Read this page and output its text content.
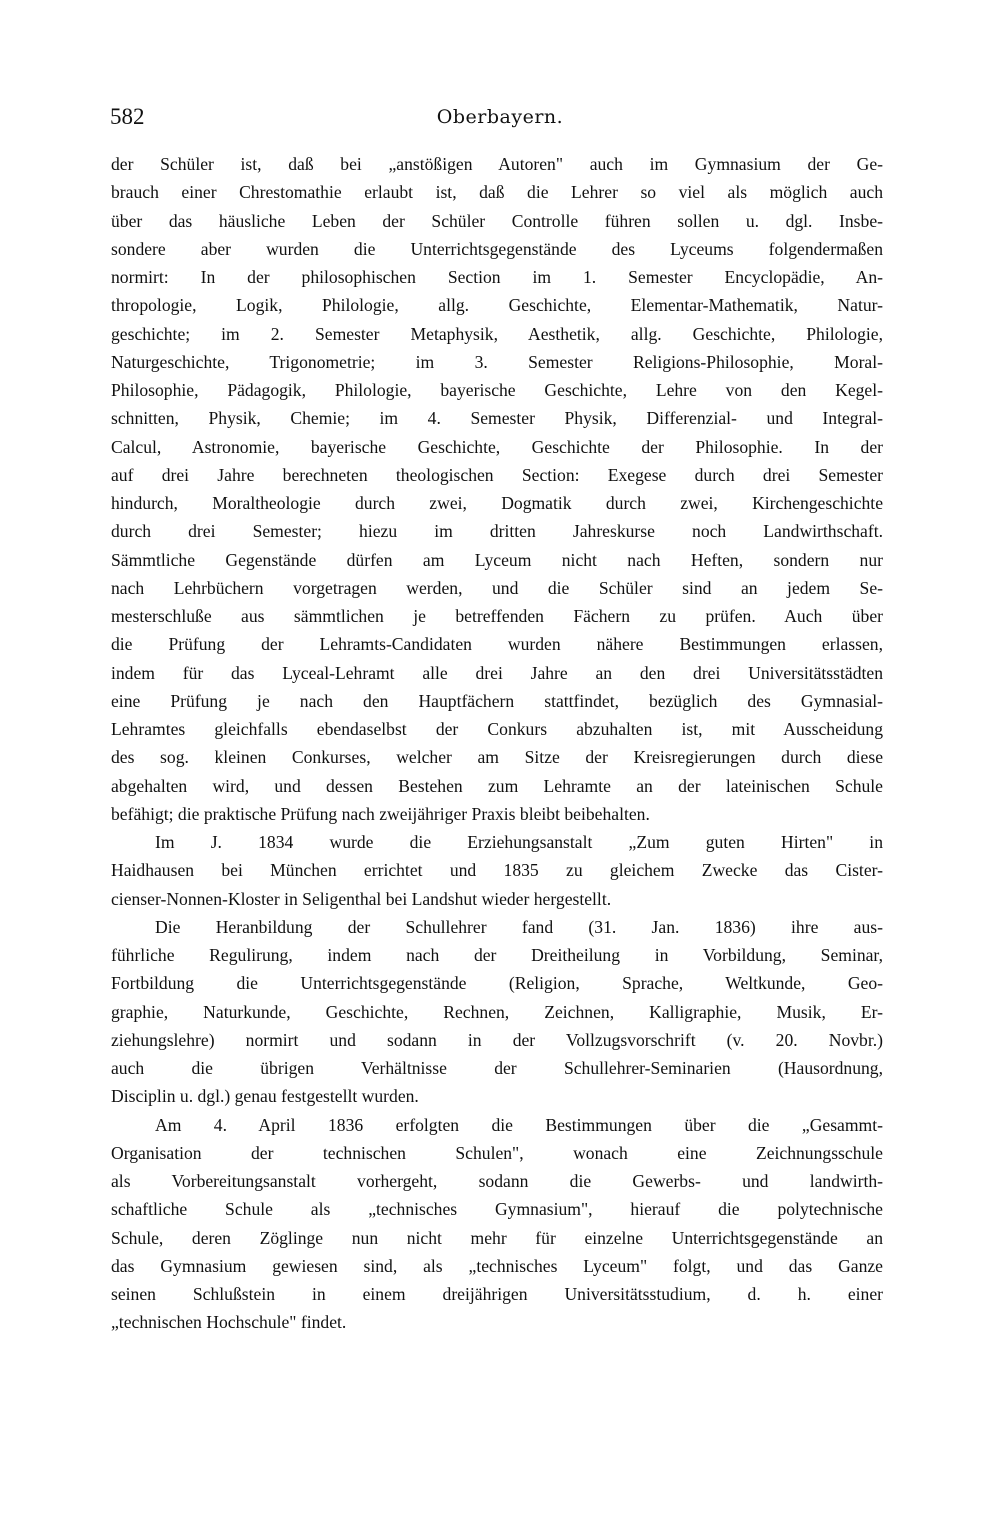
582	Oberbayern.
der Schüler ist, daß bei „anstößigen Autoren" auch im Gymnasium der Ge-
brauch einer Chrestomathie erlaubt ist, daß die Lehrer so viel als möglich auch
über das häusliche Leben der Schüler Controlle führen sollen u. dgl. Insbe-
sondere aber wurden die Unterrichtsgegenstände des Lyceums folgendermaßen
normirt: In der philosophischen Section im 1. Semester Encyclopädie, An-
thropologie, Logik, Philologie, allg. Geschichte, Elementar-Mathematik, Natur-
geschichte; im 2. Semester Metaphysik, Aesthetik, allg. Geschichte, Philologie,
Naturgeschichte, Trigonometrie; im 3. Semester Religions-Philosophie, Moral-
Philosophie, Pädagogik, Philologie, bayerische Geschichte, Lehre von den Kegel-
schnitten, Physik, Chemie; im 4. Semester Physik, Differenzial- und Integral-
Calcul, Astronomie, bayerische Geschichte, Geschichte der Philosophie. In der
auf drei Jahre berechneten theologischen Section: Exegese durch drei Semester
hindurch, Moraltheologie durch zwei, Dogmatik durch zwei, Kirchengeschichte
durch drei Semester; hiezu im dritten Jahreskurse noch Landwirthschaft.
Sämmtliche Gegenstände dürfen am Lyceum nicht nach Heften, sondern nur
nach Lehrbüchern vorgetragen werden, und die Schüler sind an jedem Se-
mesterschluße aus sämmtlichen je betreffenden Fächern zu prüfen. Auch über
die Prüfung der Lehramts-Candidaten wurden nähere Bestimmungen erlassen,
indem für das Lyceal-Lehramt alle drei Jahre an den drei Universitätsstädten
eine Prüfung je nach den Hauptfächern stattfindet, bezüglich des Gymnasial-
Lehramtes gleichfalls ebendaselbst der Conkurs abzuhalten ist, mit Ausscheidung
des sog. kleinen Conkurses, welcher am Sitze der Kreisregierungen durch diese
abgehalten wird, und dessen Bestehen zum Lehramte an der lateinischen Schule
befähigt; die praktische Prüfung nach zweijähriger Praxis bleibt beibehalten.
Im J. 1834 wurde die Erziehungsanstalt „Zum guten Hirten" in
Haidhausen bei München errichtet und 1835 zu gleichem Zwecke das Cister-
cienser-Nonnen-Kloster in Seligenthal bei Landshut wieder hergestellt.
Die Heranbildung der Schullehrer fand (31. Jan. 1836) ihre aus-
führliche Regulirung, indem nach der Dreitheilung in Vorbildung, Seminar,
Fortbildung die Unterrichtsgegenstände (Religion, Sprache, Weltkunde, Geo-
graphie, Naturkunde, Geschichte, Rechnen, Zeichnen, Kalligraphie, Musik, Er-
ziehungslehre) normirt und sodann in der Vollzugsvorschrift (v. 20. Novbr.)
auch die übrigen Verhältnisse der Schullehrer-Seminarien (Hausordnung,
Disciplin u. dgl.) genau festgestellt wurden.
Am 4. April 1836 erfolgten die Bestimmungen über die „Gesammt-
Organisation der technischen Schulen", wonach eine Zeichnungsschule
als Vorbereitungsanstalt vorhergeht, sodann die Gewerbs- und landwirth-
schaftliche Schule als „technisches Gymnasium", hierauf die polytechnische
Schule, deren Zöglinge nun nicht mehr für einzelne Unterrichtsgegenstände an
das Gymnasium gewiesen sind, als „technisches Lyceum" folgt, und das Ganze
seinen Schlußstein in einem dreijährigen Universitätsstudium, d. h. einer
„technischen Hochschule" findet.
